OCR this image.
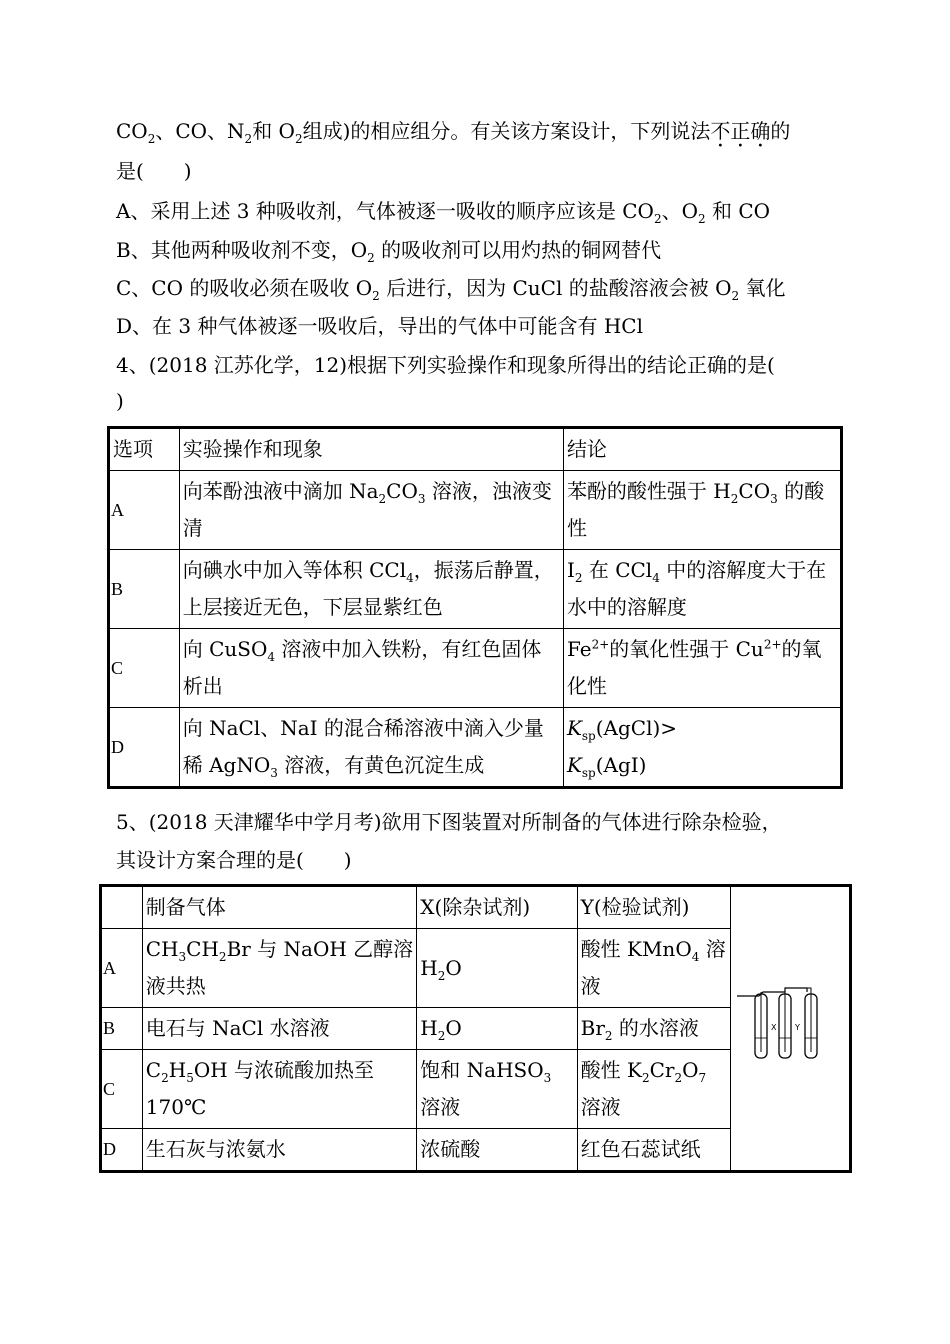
$CO_2$、CO、$N_2$和 $O_2$组成)的相应组分。有关该方案设计，下列说法不正确的
是(　　)
A、采用上述 3 种吸收剂，气体被逐一吸收的顺序应该是 $CO_2$、$O_2$ 和 CO
B、其他两种吸收剂不变，$O_2$ 的吸收剂可以用灼热的铜网替代
C、CO 的吸收必须在吸收 $O_2$ 后进行，因为 CuCl 的盐酸溶液会被 $O_2$ 氧化
D、在 3 种气体被逐一吸收后，导出的气体中可能含有 HCl
4、(2018 江苏化学，12)根据下列实验操作和现象所得出的结论正确的是(
)
选项	实验操作和现象	结论
A	向苯酚浊液中滴加 $Na_2CO_3$ 溶液，浊液变清	苯酚的酸性强于 $H_2CO_3$ 的酸性
B	向碘水中加入等体积 CCl$_4$，振荡后静置，上层接近无色，下层显紫红色	$I_2$ 在 CCl$_4$ 中的溶解度大于在水中的溶解度
C	向 CuSO$_4$ 溶液中加入铁粉，有红色固体析出	$Fe^{2+}$的氧化性强于 $Cu^{2+}$的氧化性
D	向 NaCl、NaI 的混合稀溶液中滴入少量稀 AgNO$_3$ 溶液，有黄色沉淀生成	$K_{sp}(AgCl)>$
$K_{sp}(AgI)$
5、(2018 天津耀华中学月考)欲用下图装置对所制备的气体进行除杂检验，
其设计方案合理的是(　　)
	制备气体	X(除杂试剂)	Y(检验试剂)	X Y

A	$CH_3CH_2Br$ 与 NaOH 乙醇溶液共热	$H_2O$	酸性 KMnO$_4$ 溶液	
B	电石与 NaCl 水溶液	$H_2O$	$Br_2$ 的水溶液	
C	$C_2H_5OH$ 与浓硫酸加热至 170℃	饱和 NaHSO$_3$ 溶液	酸性 $K_2Cr_2O_7$ 溶液	
D	生石灰与浓氨水	浓硫酸	红色石蕊试纸	
